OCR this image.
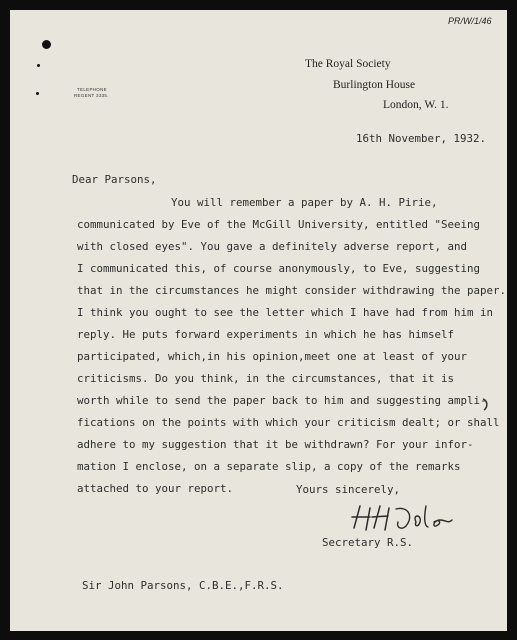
PR/W/1/46
The Royal Society
Burlington House
London, W. 1.
TELEPHONE
REGENT 3335.
16th November, 1932.
Dear Parsons,
You will remember a paper by A. H. Pirie,
communicated by Eve of the McGill University, entitled "Seeing
with closed eyes". You gave a definitely adverse report, and
I communicated this, of course anonymously, to Eve, suggesting
that in the circumstances he might consider withdrawing the paper.
I think you ought to see the letter which I have had from him in
reply. He puts forward experiments in which he has himself
participated, which,in his opinion,meet one at least of your
criticisms. Do you think, in the circumstances, that it is
worth while to send the paper back to him and suggesting ampli-
fications on the points with which your criticism dealt; or shall
adhere to my suggestion that it be withdrawn? For your infor-
mation I enclose, on a separate slip, a copy of the remarks
attached to your report.	Yours sincerely,
Secretary R.S.
Sir John Parsons, C.B.E.,F.R.S.
